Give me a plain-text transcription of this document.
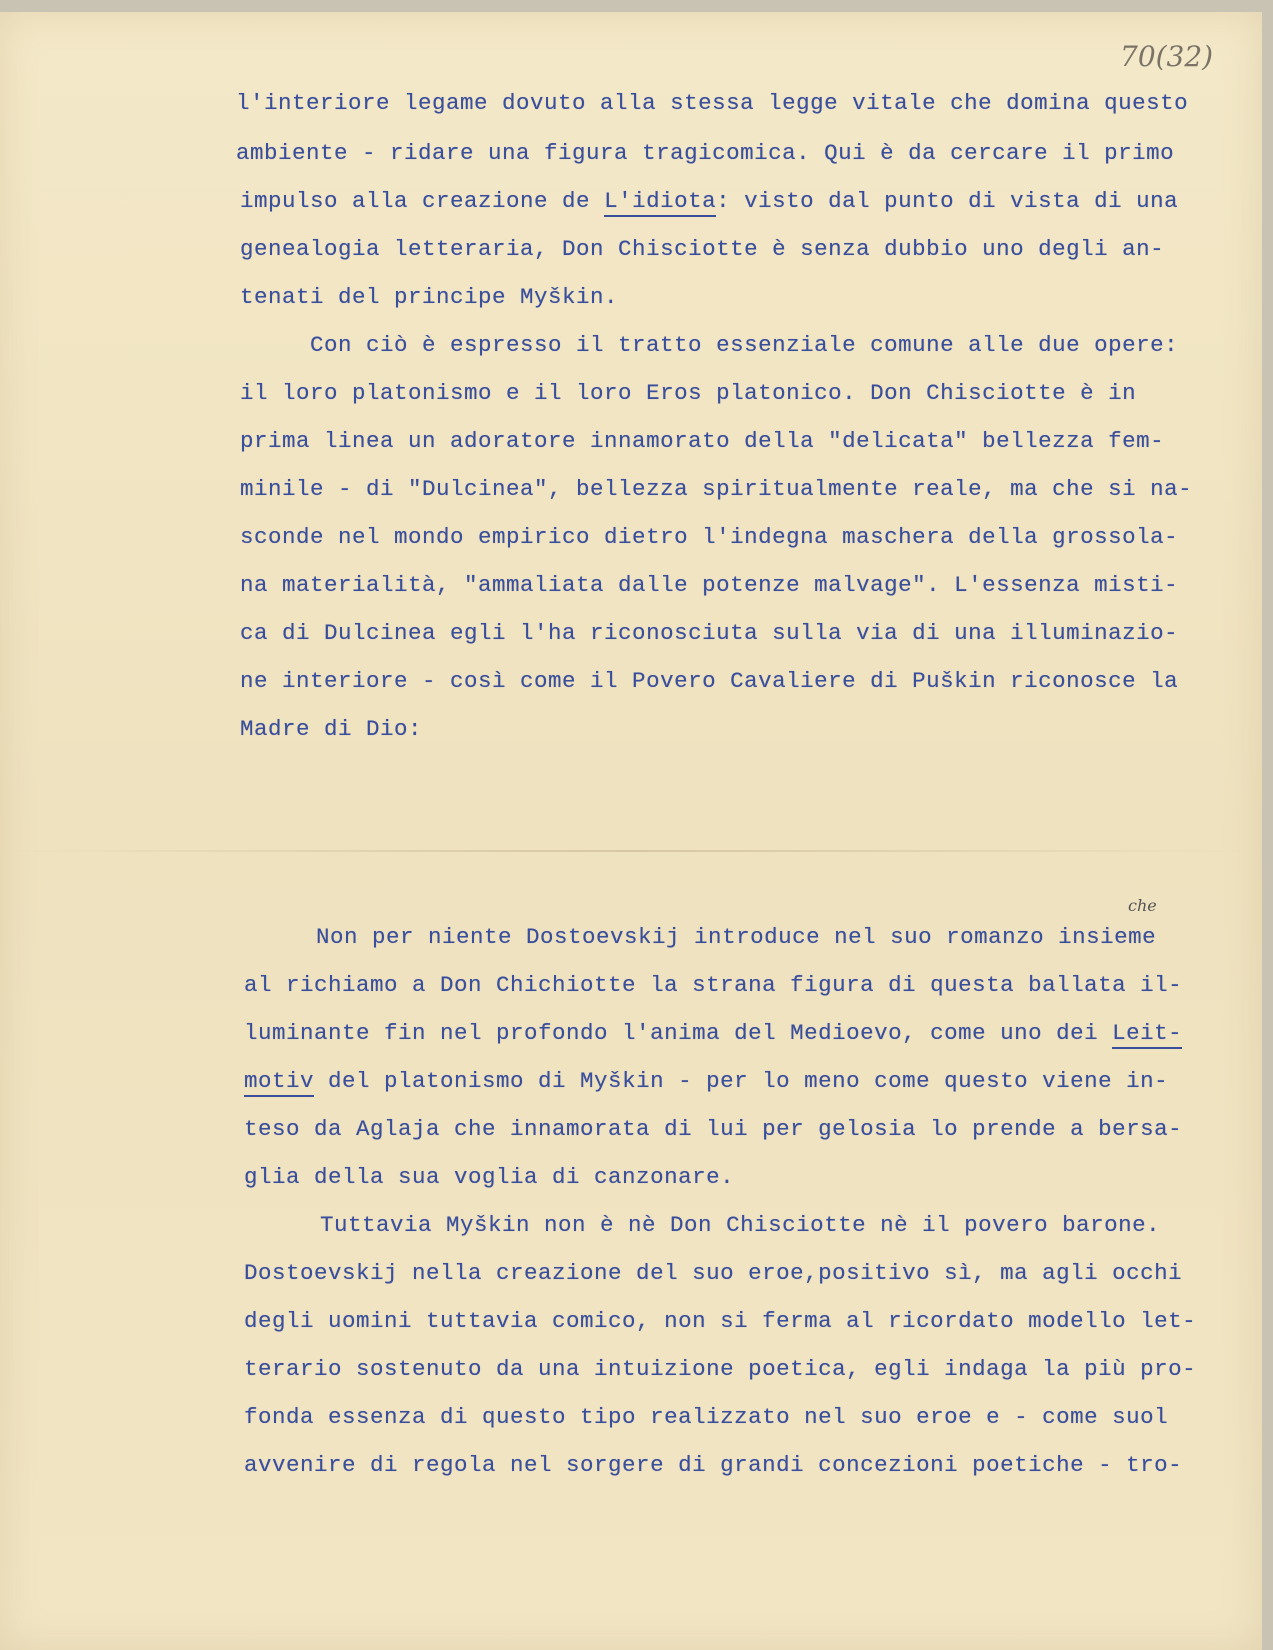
70(32)
l'interiore legame dovuto alla stessa legge vitale che domina questo
ambiente - ridare una figura tragicomica. Qui è da cercare il primo
impulso alla creazione de L'idiota: visto dal punto di vista di una
genealogia letteraria, Don Chisciotte è senza dubbio uno degli an-
tenati del principe Myškin.
Con ciò è espresso il tratto essenziale comune alle due opere:
il loro platonismo e il loro Eros platonico. Don Chisciotte è in
prima linea un adoratore innamorato della "delicata" bellezza fem-
minile - di "Dulcinea", bellezza spiritualmente reale, ma che si na-
sconde nel mondo empirico dietro l'indegna maschera della grossola-
na materialità, "ammaliata dalle potenze malvage". L'essenza misti-
ca di Dulcinea egli l'ha riconosciuta sulla via di una illuminazio-
ne interiore - così come il Povero Cavaliere di Puškin riconosce la
Madre di Dio:
che
Non per niente Dostoevskij introduce nel suo romanzo insieme
al richiamo a Don Chichiotte la strana figura di questa ballata il-
luminante fin nel profondo l'anima del Medioevo, come uno dei Leit-
motiv del platonismo di Myškin - per lo meno come questo viene in-
teso da Aglaja che innamorata di lui per gelosia lo prende a bersa-
glia della sua voglia di canzonare.
Tuttavia Myškin non è nè Don Chisciotte nè il povero barone.
Dostoevskij nella creazione del suo eroe,positivo sì, ma agli occhi
degli uomini tuttavia comico, non si ferma al ricordato modello let-
terario sostenuto da una intuizione poetica, egli indaga la più pro-
fonda essenza di questo tipo realizzato nel suo eroe e - come suol
avvenire di regola nel sorgere di grandi concezioni poetiche - tro-
